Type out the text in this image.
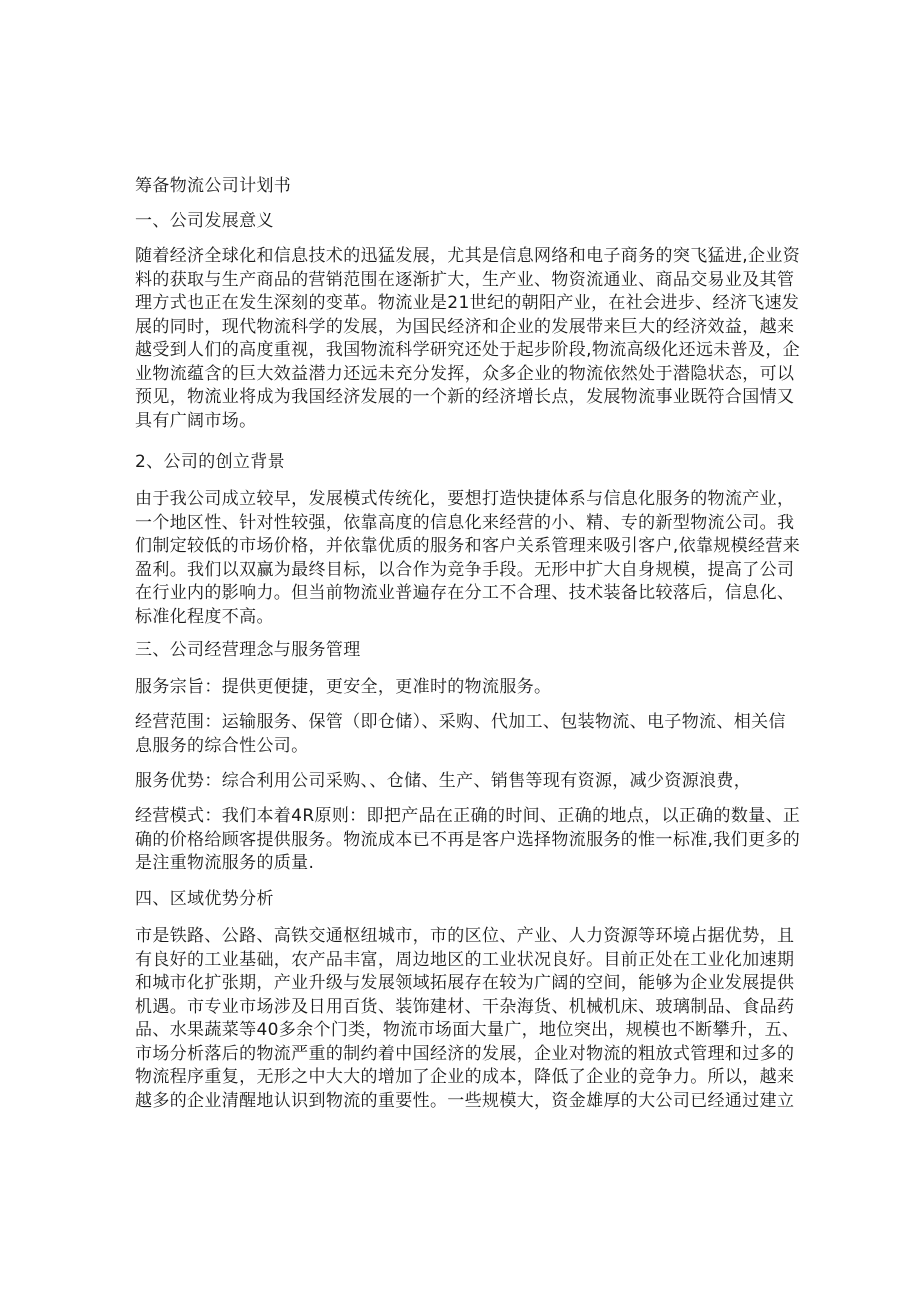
筹备物流公司计划书
一、公司发展意义
随着经济全球化和信息技术的迅猛发展，尤其是信息网络和电子商务的突飞猛进,企业资
料的获取与生产商品的营销范围在逐渐扩大，生产业、物资流通业、商品交易业及其管
理方式也正在发生深刻的变革。物流业是21世纪的朝阳产业，在社会进步、经济飞速发
展的同时，现代物流科学的发展，为国民经济和企业的发展带来巨大的经济效益，越来
越受到人们的高度重视，我国物流科学研究还处于起步阶段,物流高级化还远未普及，企
业物流蕴含的巨大效益潜力还远未充分发挥，众多企业的物流依然处于潜隐状态，可以
预见，物流业将成为我国经济发展的一个新的经济增长点，发展物流事业既符合国情又
具有广阔市场。
2、公司的创立背景
由于我公司成立较早，发展模式传统化，要想打造快捷体系与信息化服务的物流产业，
一个地区性、针对性较强，依靠高度的信息化来经营的小、精、专的新型物流公司。我
们制定较低的市场价格，并依靠优质的服务和客户关系管理来吸引客户,依靠规模经营来
盈利。我们以双赢为最终目标，以合作为竞争手段。无形中扩大自身规模，提高了公司
在行业内的影响力。但当前物流业普遍存在分工不合理、技术装备比较落后，信息化、
标准化程度不高。
三、公司经营理念与服务管理
服务宗旨：提供更便捷，更安全，更准时的物流服务。
经营范围：运输服务、保管（即仓储）、采购、代加工、包装物流、电子物流、相关信
息服务的综合性公司。
服务优势：综合利用公司采购、、仓储、生产、销售等现有资源，减少资源浪费，
经营模式：我们本着4R原则：即把产品在正确的时间、正确的地点，以正确的数量、正
确的价格给顾客提供服务。物流成本已不再是客户选择物流服务的惟一标准,我们更多的
是注重物流服务的质量.
四、区域优势分析
市是铁路、公路、高铁交通枢纽城市，市的区位、产业、人力资源等环境占据优势，且
有良好的工业基础，农产品丰富，周边地区的工业状况良好。目前正处在工业化加速期
和城市化扩张期，产业升级与发展领域拓展存在较为广阔的空间，能够为企业发展提供
机遇。市专业市场涉及日用百货、装饰建材、干杂海货、机械机床、玻璃制品、食品药
品、水果蔬菜等40多余个门类，物流市场面大量广，地位突出，规模也不断攀升，五、
市场分析落后的物流严重的制约着中国经济的发展，企业对物流的粗放式管理和过多的
物流程序重复，无形之中大大的增加了企业的成本，降低了企业的竞争力。所以，越来
越多的企业清醒地认识到物流的重要性。一些规模大，资金雄厚的大公司已经通过建立
